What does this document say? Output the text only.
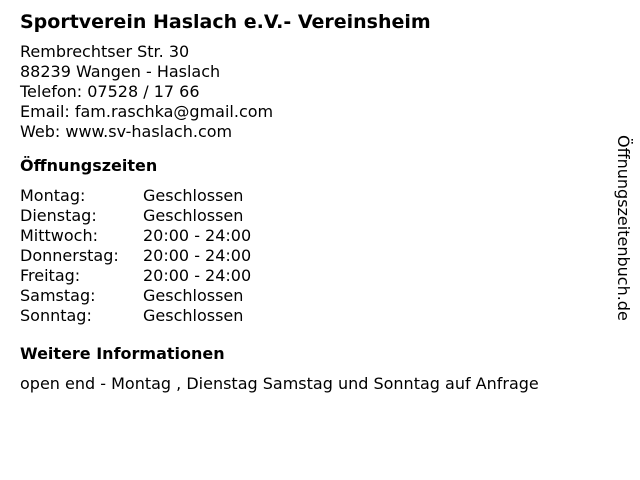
Sportverein Haslach e.V.- Vereinsheim
Rembrechtser Str. 30
88239 Wangen - Haslach
Telefon: 07528 / 17 66
Email: fam.raschka@gmail.com
Web: www.sv-haslach.com
Öffnungszeiten
Montag:	Geschlossen
Dienstag:	Geschlossen
Mittwoch:	20:00 - 24:00
Donnerstag:	20:00 - 24:00
Freitag:	20:00 - 24:00
Samstag:	Geschlossen
Sonntag:	Geschlossen
Weitere Informationen
open end - Montag , Dienstag Samstag und Sonntag auf Anfrage
Öffnungszeitenbuch.de
